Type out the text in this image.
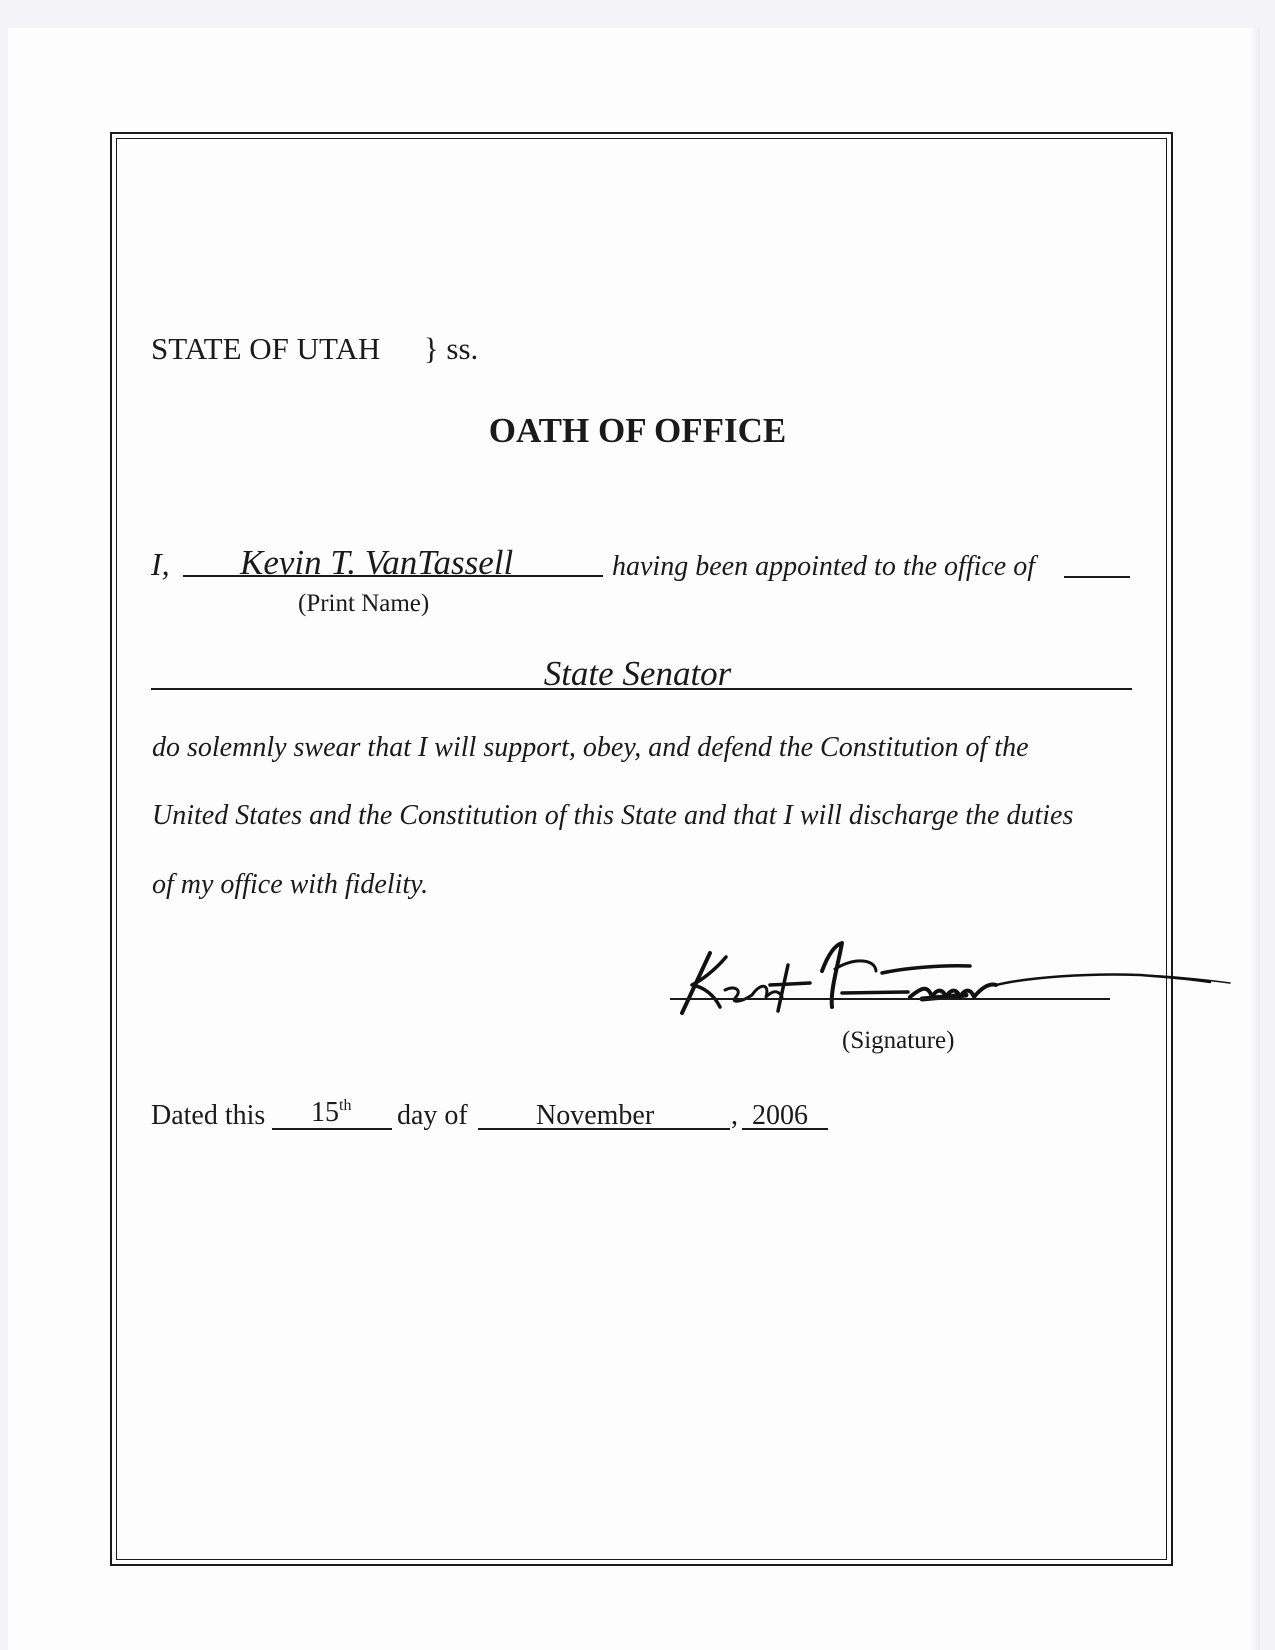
STATE OF UTAH } ss.
OATH OF OFFICE
I, Kevin T. VanTassell	having been appointed to the office of
(Print Name)
State Senator
do solemnly swear that I will support, obey, and defend the Constitution of the
United States and the Constitution of this State and that I will discharge the duties
of my office with fidelity.
(Signature)
Dated this 15th day of November	, 2006
